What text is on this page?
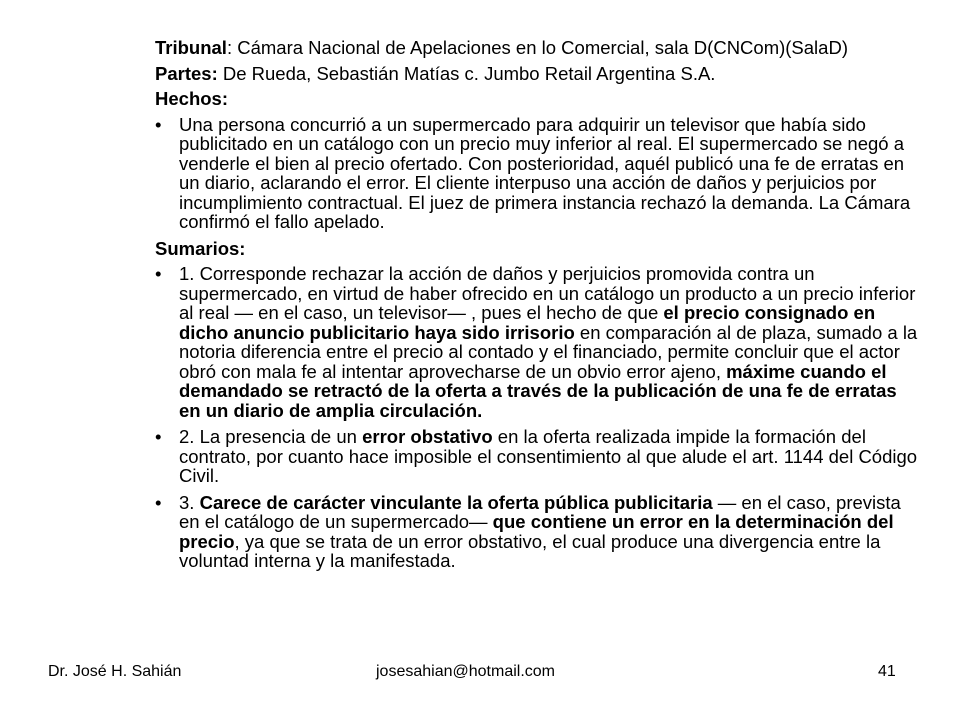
Tribunal: Cámara Nacional de Apelaciones en lo Comercial, sala D(CNCom)(SalaD)

Partes: De Rueda, Sebastián Matías c. Jumbo Retail Argentina S.A.

Hechos:

• Una persona concurrió a un supermercado para adquirir un televisor que había sido publicitado en un catálogo con un precio muy inferior al real. El supermercado se negó a venderle el bien al precio ofertado. Con posterioridad, aquél publicó una fe de erratas en un diario, aclarando el error. El cliente interpuso una acción de daños y perjuicios por incumplimiento contractual. El juez de primera instancia rechazó la demanda. La Cámara confirmó el fallo apelado.

Sumarios:

• 1. Corresponde rechazar la acción de daños y perjuicios promovida contra un supermercado, en virtud de haber ofrecido en un catálogo un producto a un precio inferior al real — en el caso, un televisor— , pues el hecho de que el precio consignado en dicho anuncio publicitario haya sido irrisorio en comparación al de plaza, sumado a la notoria diferencia entre el precio al contado y el financiado, permite concluir que el actor obró con mala fe al intentar aprovecharse de un obvio error ajeno, máxime cuando el demandado se retractó de la oferta a través de la publicación de una fe de erratas en un diario de amplia circulación.
• 2. La presencia de un error obstativo en la oferta realizada impide la formación del contrato, por cuanto hace imposible el consentimiento al que alude el art. 1144 del Código Civil.
• 3. Carece de carácter vinculante la oferta pública publicitaria — en el caso, prevista en el catálogo de un supermercado— que contiene un error en la determinación del precio, ya que se trata de un error obstativo, el cual produce una divergencia entre la voluntad interna y la manifestada.
Dr. José H. Sahián	josesahian@hotmail.com	41
